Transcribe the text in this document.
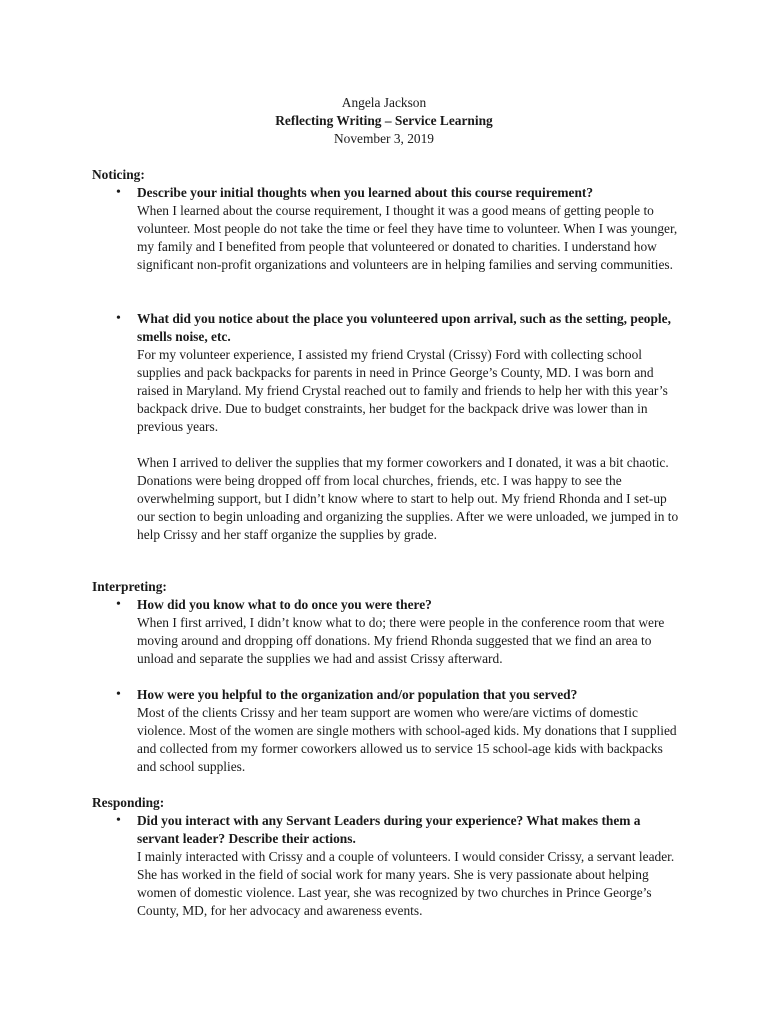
Angela Jackson
Reflecting Writing – Service Learning
November 3, 2019
Noticing:
• Describe your initial thoughts when you learned about this course requirement?

When I learned about the course requirement, I thought it was a good means of getting people to volunteer. Most people do not take the time or feel they have time to volunteer. When I was younger, my family and I benefited from people that volunteered or donated to charities. I understand how significant non-profit organizations and volunteers are in helping families and serving communities.

• What did you notice about the place you volunteered upon arrival, such as the setting, people, smells noise, etc.

For my volunteer experience, I assisted my friend Crystal (Crissy) Ford with collecting school supplies and pack backpacks for parents in need in Prince George’s County, MD. I was born and raised in Maryland. My friend Crystal reached out to family and friends to help her with this year’s backpack drive. Due to budget constraints, her budget for the backpack drive was lower than in previous years.

When I arrived to deliver the supplies that my former coworkers and I donated, it was a bit chaotic. Donations were being dropped off from local churches, friends, etc. I was happy to see the overwhelming support, but I didn’t know where to start to help out. My friend Rhonda and I set-up our section to begin unloading and organizing the supplies. After we were unloaded, we jumped in to help Crissy and her staff organize the supplies by grade.

Interpreting:
• How did you know what to do once you were there?

When I first arrived, I didn’t know what to do; there were people in the conference room that were moving around and dropping off donations. My friend Rhonda suggested that we find an area to unload and separate the supplies we had and assist Crissy afterward.

• How were you helpful to the organization and/or population that you served?

Most of the clients Crissy and her team support are women who were/are victims of domestic violence. Most of the women are single mothers with school-aged kids. My donations that I supplied and collected from my former coworkers allowed us to service 15 school-age kids with backpacks and school supplies.

Responding:
• Did you interact with any Servant Leaders during your experience? What makes them a servant leader? Describe their actions.

I mainly interacted with Crissy and a couple of volunteers. I would consider Crissy, a servant leader. She has worked in the field of social work for many years. She is very passionate about helping women of domestic violence. Last year, she was recognized by two churches in Prince George’s County, MD, for her advocacy and awareness events.
